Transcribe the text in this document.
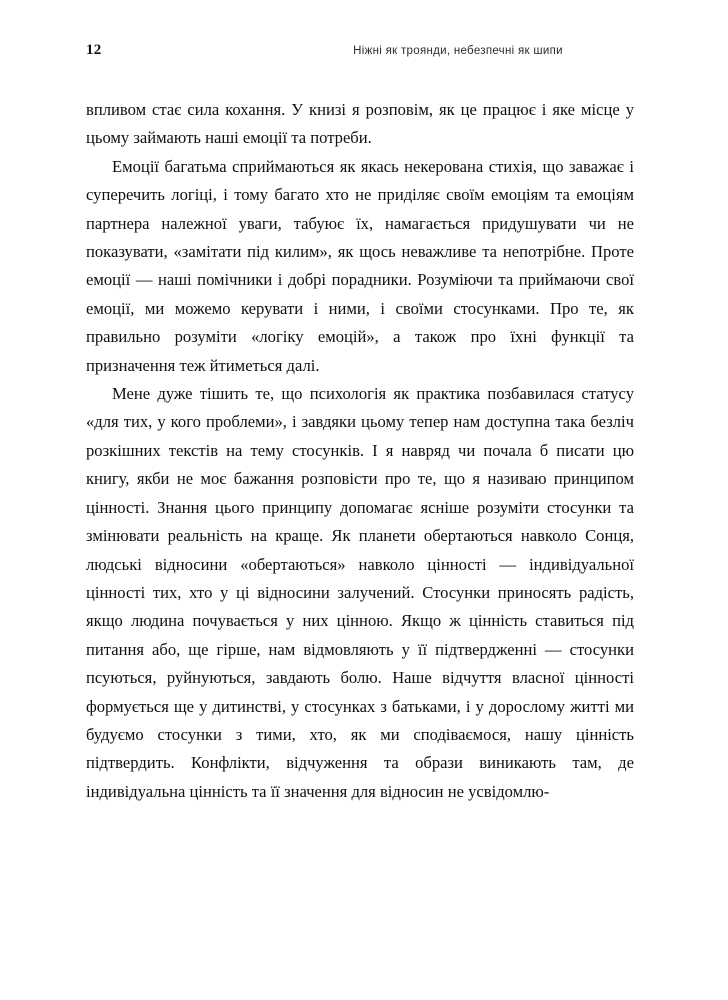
12	Ніжні як троянди, небезпечні як шипи

впливом стає сила кохання. У книзі я розповім, як це працює і яке місце у цьому займають наші емоції та потреби.

Емоції багатьма сприймаються як якась некерована стихія, що заважає і суперечить логіці, і тому багато хто не приділяє своїм емоціям та емоціям партнера належної уваги, табуює їх, намагається придушувати чи не показувати, «замітати під килим», як щось неважливе та непотрібне. Проте емоції — наші помічники і добрі порадники. Розуміючи та приймаючи свої емоції, ми можемо керувати і ними, і своїми стосунками. Про те, як правильно розуміти «логіку емоцій», а також про їхні функції та призначення теж йтиметься далі.

Мене дуже тішить те, що психологія як практика позбавилася статусу «для тих, у кого проблеми», і завдяки цьому тепер нам доступна така безліч розкішних текстів на тему стосунків. І я навряд чи почала б писати цю книгу, якби не моє бажання розповісти про те, що я називаю принципом цінності. Знання цього принципу допомагає ясніше розуміти стосунки та змінювати реальність на краще. Як планети обертаються навколо Сонця, людські відносини «обертаються» навколо цінності — індивідуальної цінності тих, хто у ці відносини залучений. Стосунки приносять радість, якщо людина почувається у них цінною. Якщо ж цінність ставиться під питання або, ще гірше, нам відмовляють у її підтвердженні — стосунки псуються, руйнуються, завдають болю. Наше відчуття власної цінності формується ще у дитинстві, у стосунках з батьками, і у дорослому житті ми будуємо стосунки з тими, хто, як ми сподіваємося, нашу цінність підтвердить. Конфлікти, відчуження та образи виникають там, де індивідуальна цінність та її значення для відносин не усвідомлю-
